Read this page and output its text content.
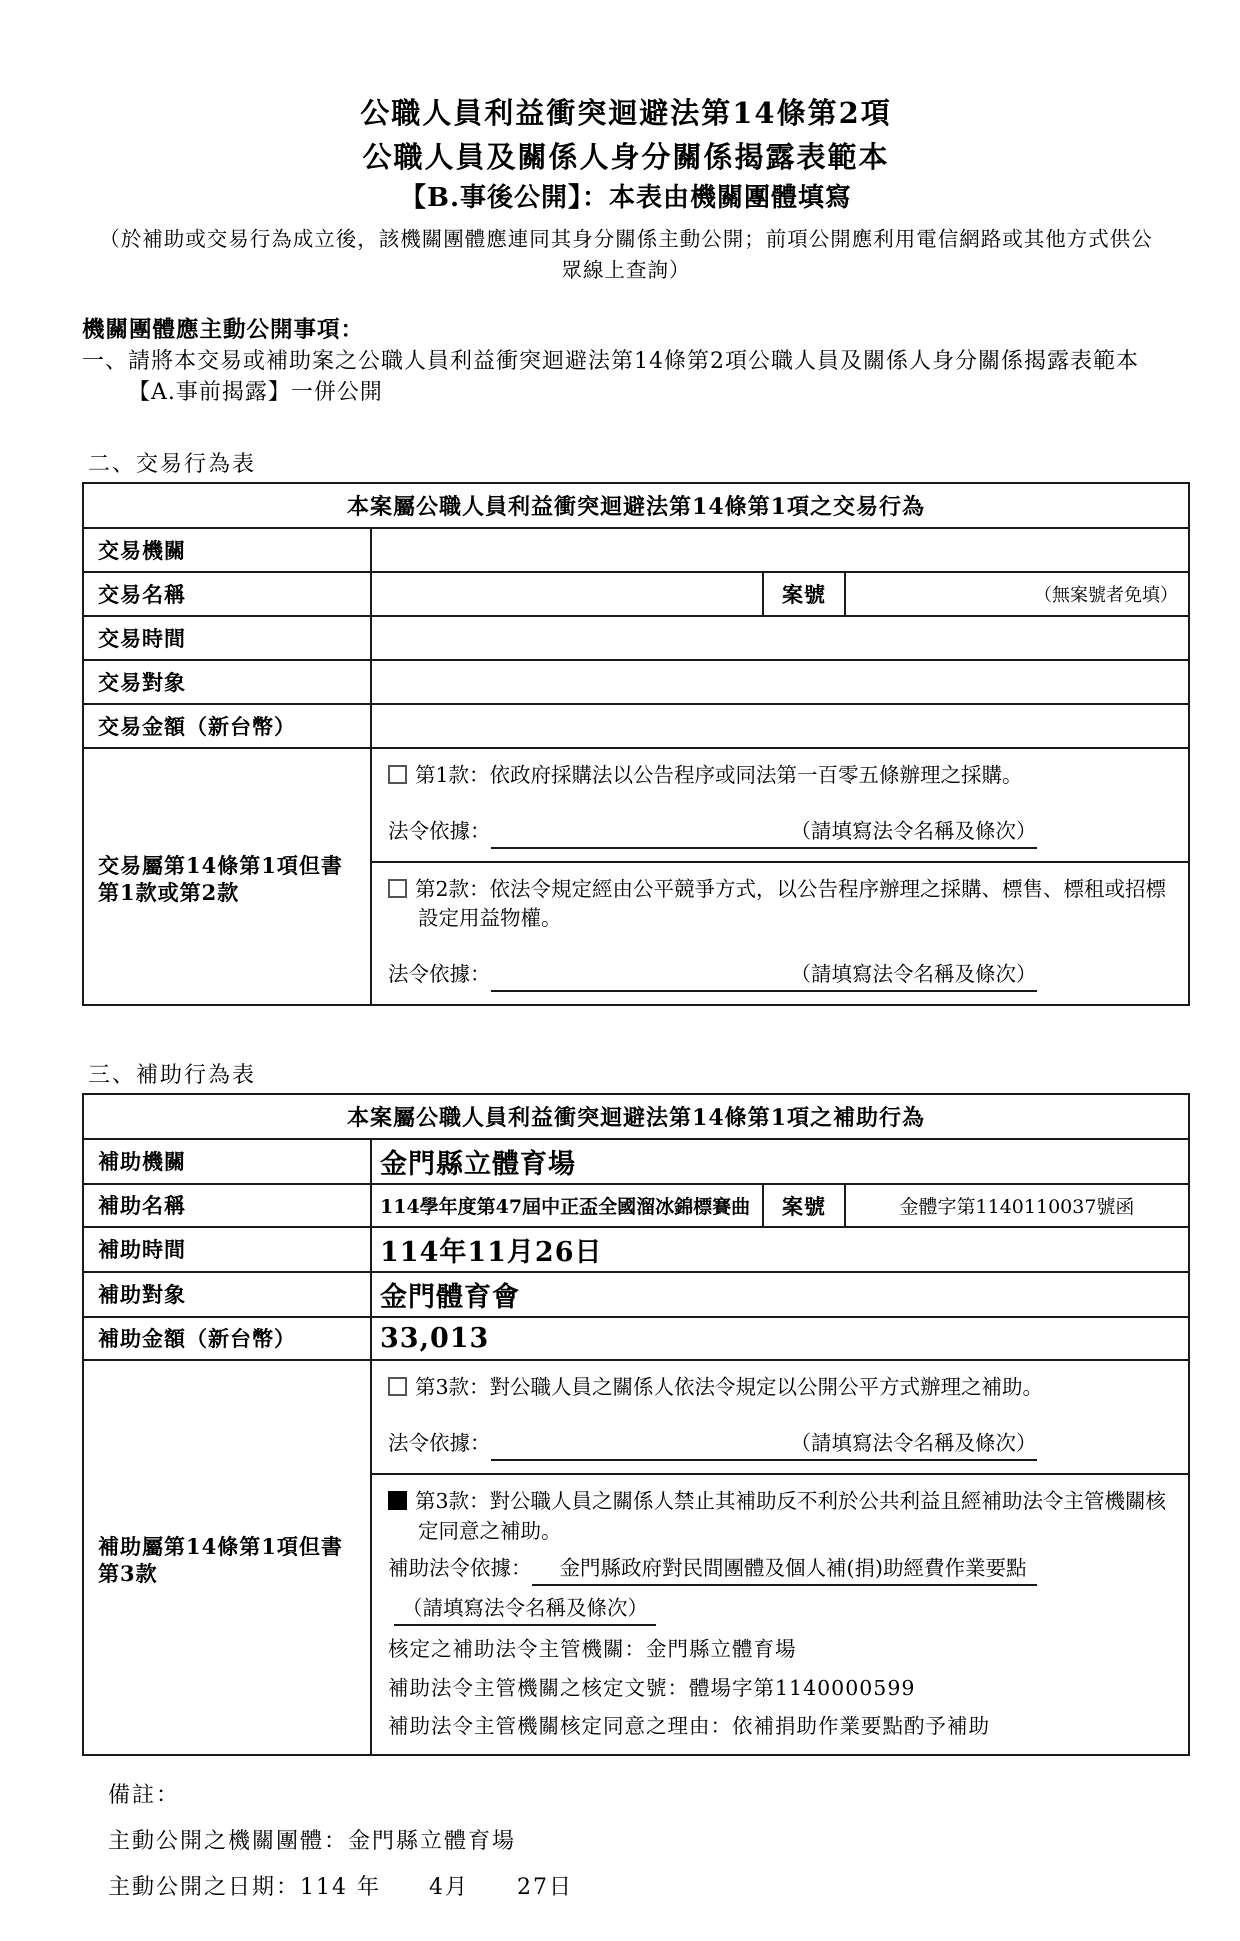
公職人員利益衝突迴避法第14條第2項
公職人員及關係人身分關係揭露表範本
【B.事後公開】：本表由機關團體填寫
（於補助或交易行為成立後，該機關團體應連同其身分關係主動公開；前項公開應利用電信網路或其他方式供公眾線上查詢）
機關團體應主動公開事項：
一、 請將本交易或補助案之公職人員利益衝突迴避法第14條第2項公職人員及關係人身分關係揭露表範本【A.事前揭露】一併公開
二、交易行為表
本案屬公職人員利益衝突迴避法第14條第1項之交易行為			
交易機關			
交易名稱		案號	（無案號者免填）
交易時間			
交易對象			
交易金額（新台幣）			
交易屬第14條第1項但書第1款或第2款	第1款：依政府採購法以公告程序或同法第一百零五條辦理之採購。
法令依據： （請填寫法令名稱及條次）		

	第2款：依法令規定經由公平競爭方式，以公告程序辦理之採購、標售、標租或招標設定用益物權。
法令依據： （請填寫法令名稱及條次）		
三、補助行為表
本案屬公職人員利益衝突迴避法第14條第1項之補助行為			
補助機關	金門縣立體育場		
補助名稱	114學年度第47屆中正盃全國溜冰錦標賽曲	案號	金體字第1140110037號函
補助時間	114年11月26日		
補助對象	金門體育會		
補助金額（新台幣）	33,013		
補助屬第14條第1項但書第3款	第3款：對公職人員之關係人依法令規定以公開公平方式辦理之補助。
法令依據： （請填寫法令名稱及條次）		

第3款：對公職人員之關係人禁止其補助反不利於公共利益且經補助法令主管機關核定同意之補助。
補助法令依據： 金門縣政府對民間團體及個人補(捐)助經費作業要點
（請填寫法令名稱及條次）
核定之補助法令主管機關：金門縣立體育場
補助法令主管機關之核定文號：體場字第1140000599
補助法令主管機關核定同意之理由：依補捐助作業要點酌予補助
備註：
主動公開之機關團體：金門縣立體育場
主動公開之日期：114 年　　4月　　27日
